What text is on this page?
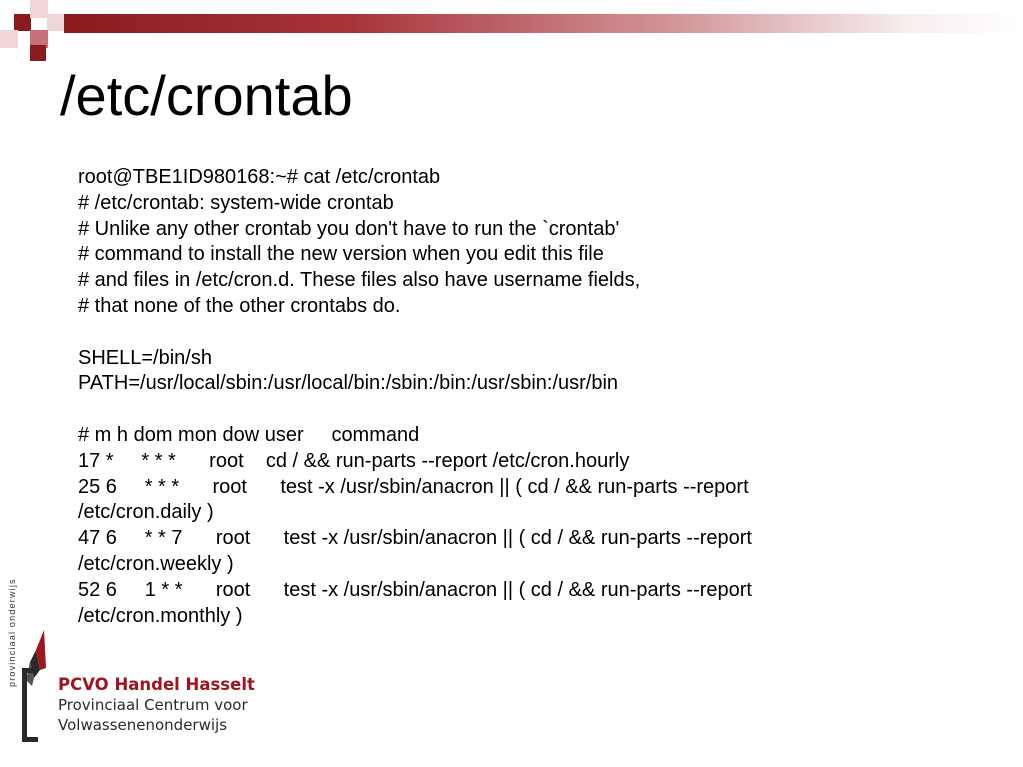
/etc/crontab
root@TBE1ID980168:~# cat /etc/crontab
# /etc/crontab: system-wide crontab
# Unlike any other crontab you don't have to run the `crontab'
# command to install the new version when you edit this file
# and files in /etc/cron.d. These files also have username fields,
# that none of the other crontabs do.
SHELL=/bin/sh
PATH=/usr/local/sbin:/usr/local/bin:/sbin:/bin:/usr/sbin:/usr/bin
# m h dom mon dow user     command
17 *     * * *      root    cd / && run-parts --report /etc/cron.hourly
25 6     * * *      root      test -x /usr/sbin/anacron || ( cd / && run-parts --report
/etc/cron.daily )
47 6     * * 7      root      test -x /usr/sbin/anacron || ( cd / && run-parts --report
/etc/cron.weekly )
52 6     1 * *      root      test -x /usr/sbin/anacron || ( cd / && run-parts --report
/etc/cron.monthly )
provinciaal onderwijs PCVO Handel Hasselt
Provinciaal Centrum voor
Volwassenenonderwijs
